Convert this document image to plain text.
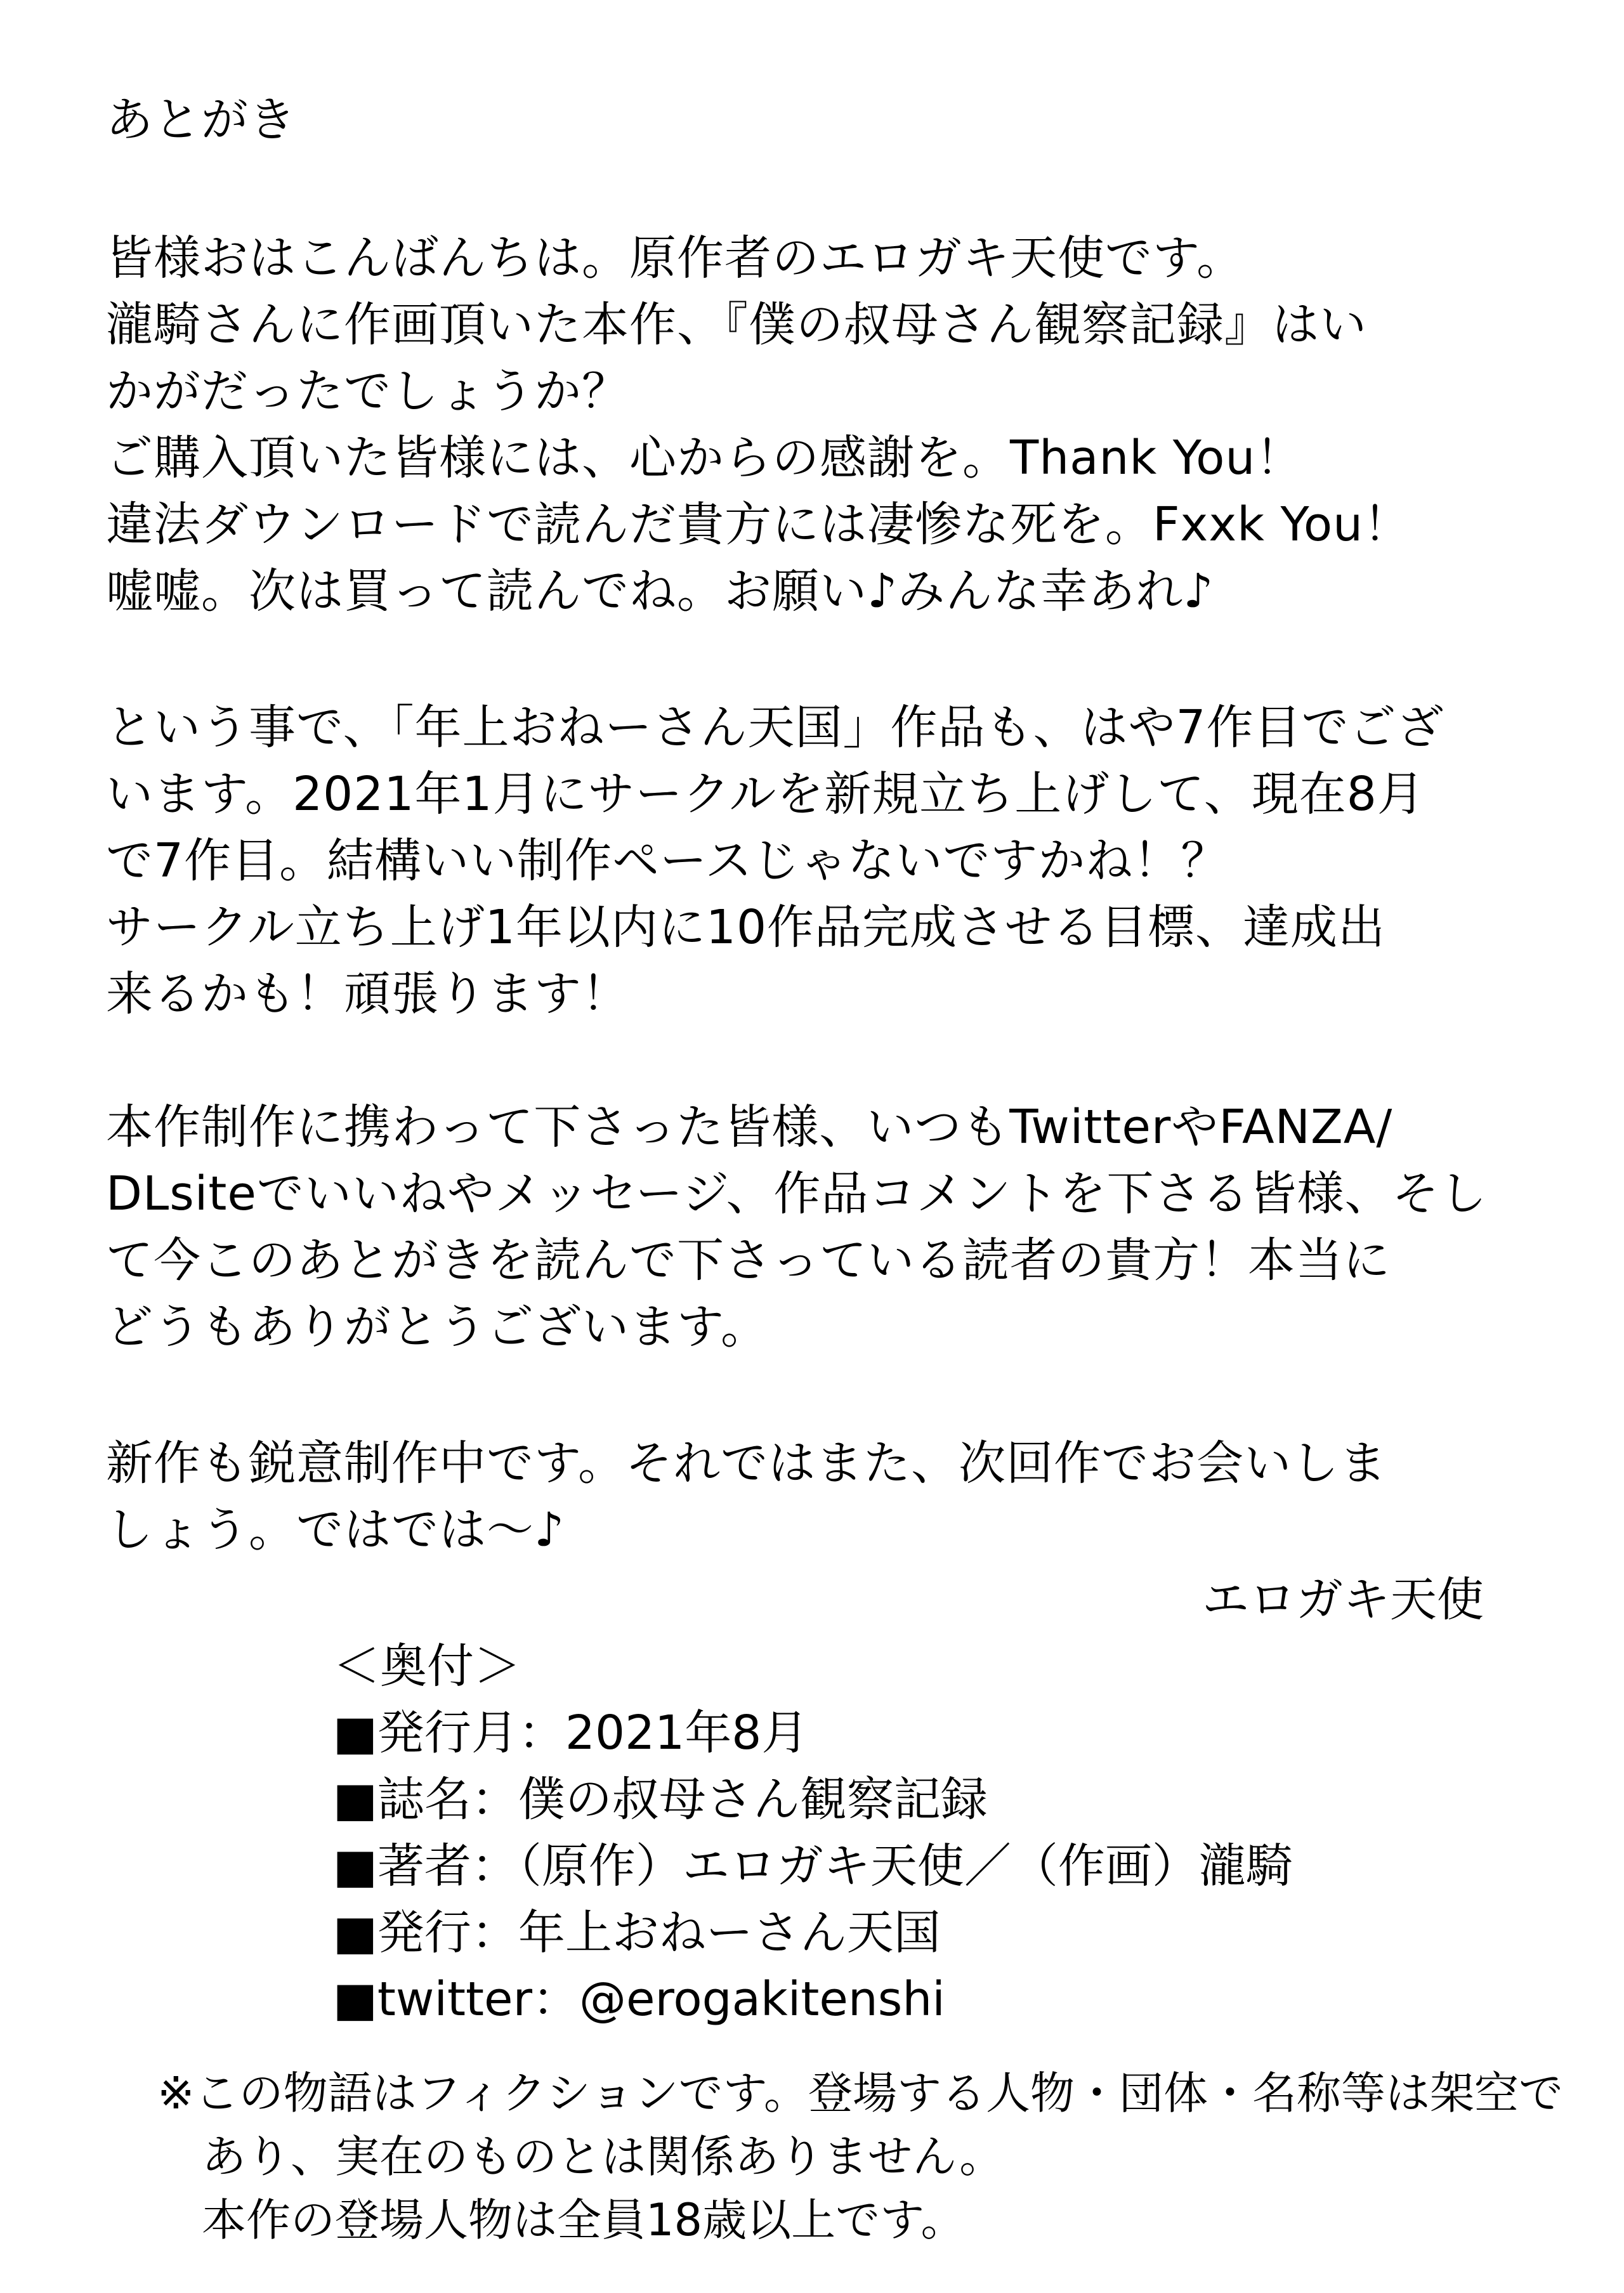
あとがき
皆様おはこんばんちは。原作者のエロガキ天使です。
瀧騎さんに作画頂いた本作、『僕の叔母さん観察記録』はい
かがだったでしょうか？
ご購入頂いた皆様には、心からの感謝を。Thank You！
違法ダウンロードで読んだ貴方には凄惨な死を。Fxxk You！
嘘嘘。次は買って読んでね。お願い♪みんな幸あれ♪
という事で、「年上おねーさん天国」作品も、はや7作目でござ
います。2021年1月にサークルを新規立ち上げして、現在8月
で7作目。結構いい制作ペースじゃないですかね！？
サークル立ち上げ1年以内に10作品完成させる目標、達成出
来るかも！頑張ります！
本作制作に携わって下さった皆様、いつもTwitterやFANZA/
DLsiteでいいねやメッセージ、作品コメントを下さる皆様、そし
て今このあとがきを読んで下さっている読者の貴方！本当に
どうもありがとうございます。
新作も鋭意制作中です。それではまた、次回作でお会いしま
しょう。ではでは～♪
エロガキ天使
＜奥付＞
■発行月：2021年8月
■誌名：僕の叔母さん観察記録
■著者：（原作）エロガキ天使／（作画）瀧騎
■発行：年上おねーさん天国
■twitter：@erogakitenshi
※この物語はフィクションです。登場する人物・団体・名称等は架空で
あり、実在のものとは関係ありません。
本作の登場人物は全員18歳以上です。
